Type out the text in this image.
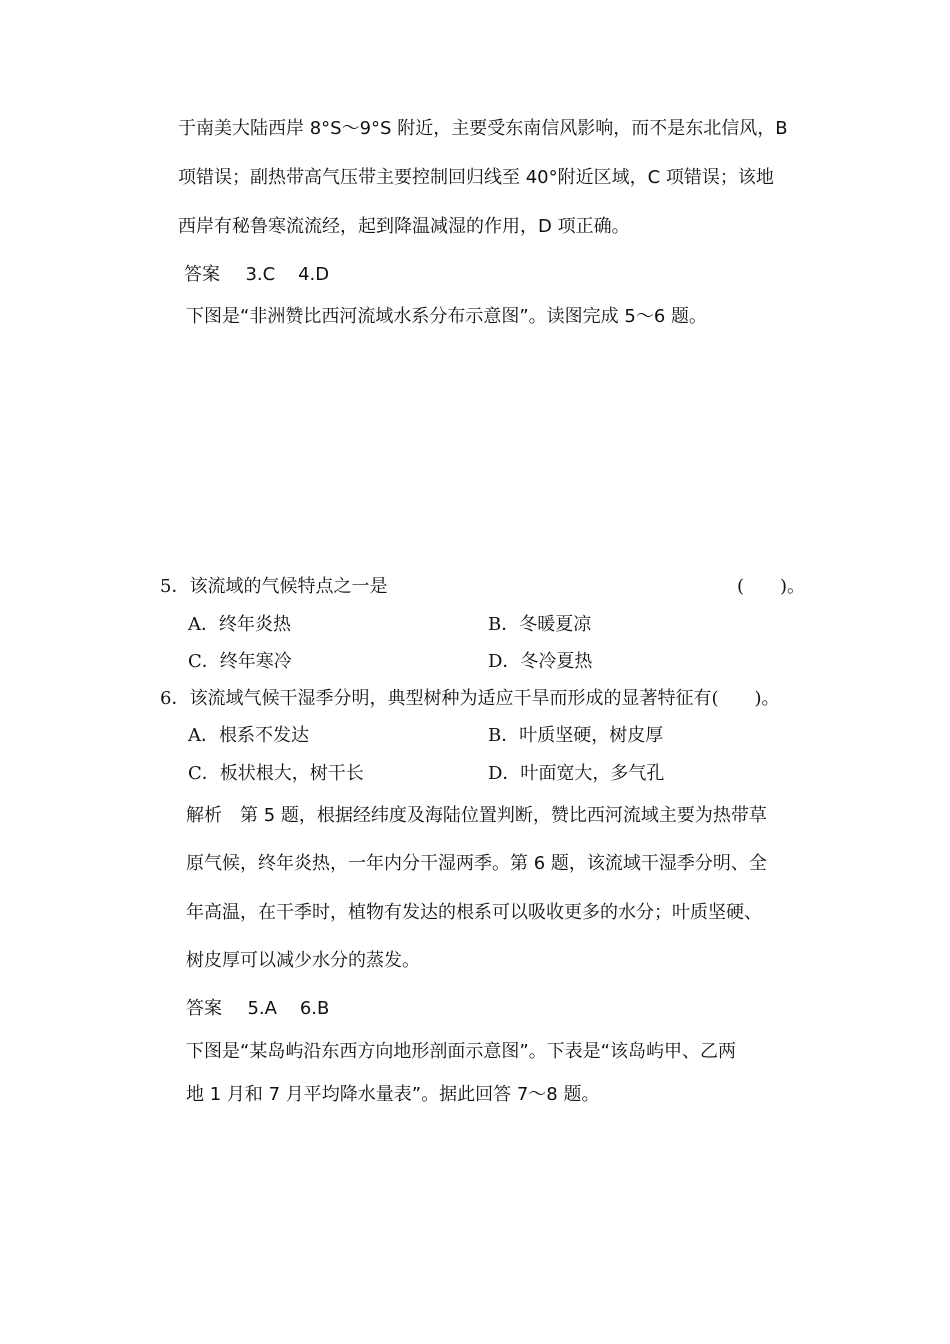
于南美大陆西岸 8°S～9°S 附近，主要受东南信风影响，而不是东北信风，B
项错误；副热带高气压带主要控制回归线至 40°附近区域，C 项错误；该地
西岸有秘鲁寒流流经，起到降温减湿的作用，D 项正确。
答案 3.C    4.D
下图是“非洲赞比西河流域水系分布示意图”。读图完成 5～6 题。
5．该流域的气候特点之一是	(　　)。
A．终年炎热	B．冬暖夏凉
C．终年寒冷	D．冬冷夏热
6．该流域气候干湿季分明，典型树种为适应干旱而形成的显著特征有(　　)。
A．根系不发达	B．叶质坚硬，树皮厚
C．板状根大，树干长	D．叶面宽大，多气孔
解析　第 5 题，根据经纬度及海陆位置判断，赞比西河流域主要为热带草
原气候，终年炎热，一年内分干湿两季。第 6 题，该流域干湿季分明、全
年高温，在干季时，植物有发达的根系可以吸收更多的水分；叶质坚硬、
树皮厚可以减少水分的蒸发。
答案 5.A    6.B
下图是“某岛屿沿东西方向地形剖面示意图”。下表是“该岛屿甲、乙两
地 1 月和 7 月平均降水量表”。据此回答 7～8 题。
